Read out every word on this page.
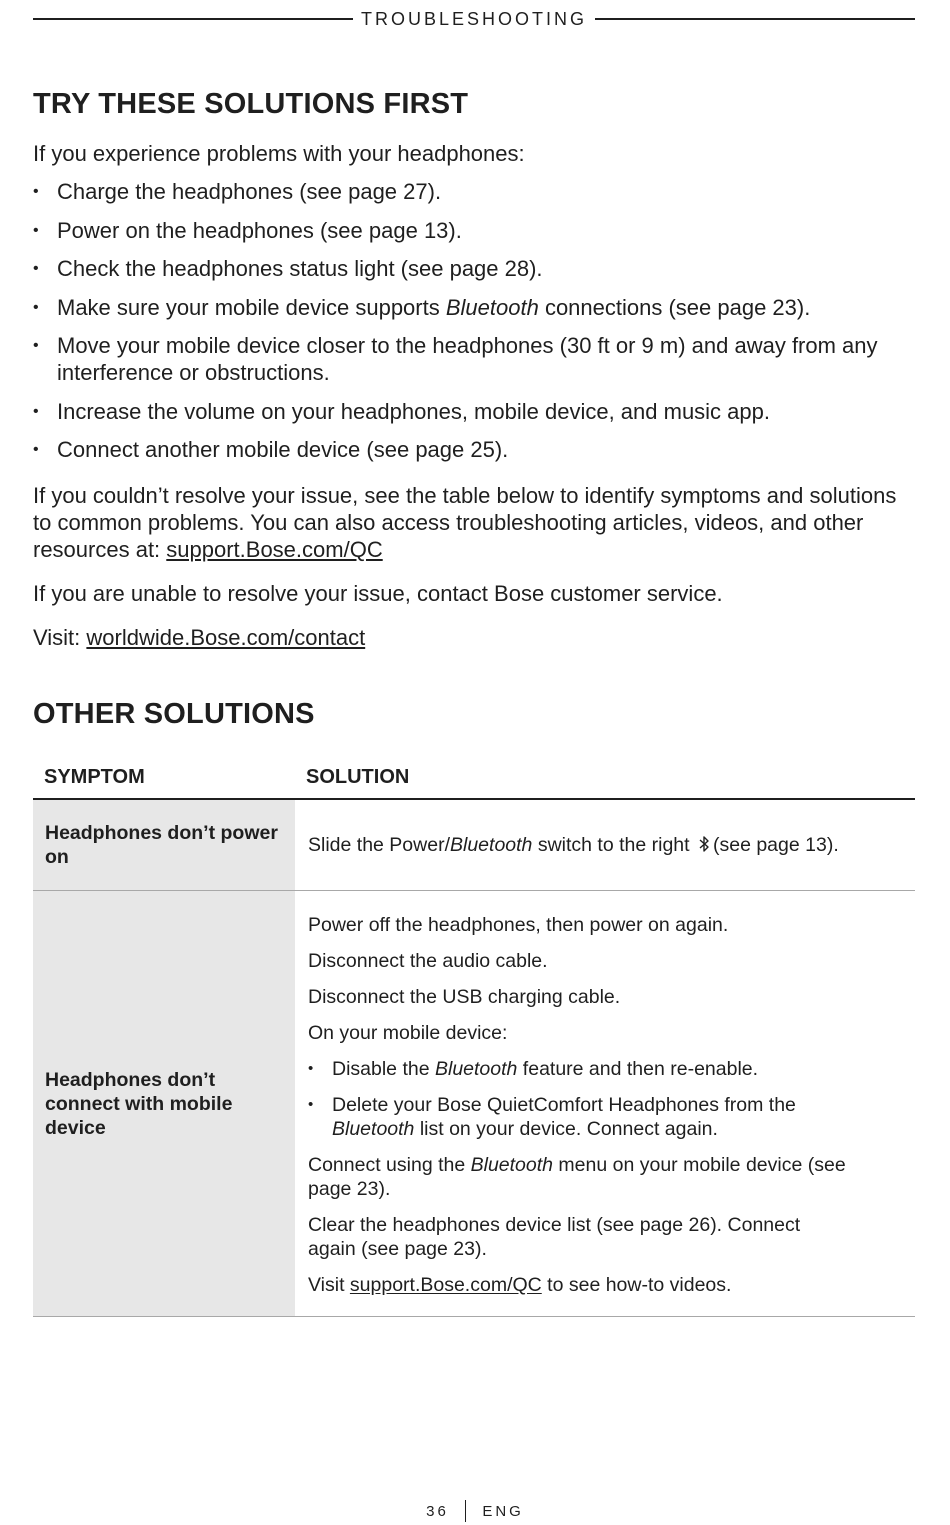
TROUBLESHOOTING
TRY THESE SOLUTIONS FIRST
If you experience problems with your headphones:
• Charge the headphones (see page 27).
• Power on the headphones (see page 13).
• Check the headphones status light (see page 28).
• Make sure your mobile device supports Bluetooth connections (see page 23).
• Move your mobile device closer to the headphones (30 ft or 9 m) and away from any interference or obstructions.
• Increase the volume on your headphones, mobile device, and music app.
• Connect another mobile device (see page 25).
If you couldn’t resolve your issue, see the table below to identify symptoms and solutions to common problems. You can also access troubleshooting articles, videos, and other resources at: support.Bose.com/QC
If you are unable to resolve your issue, contact Bose customer service.
Visit: worldwide.Bose.com/contact
OTHER SOLUTIONS
SYMPTOM	SOLUTION
Headphones don’t power on
Slide the Power/Bluetooth switch to the right (see page 13).
Headphones don’t connect with mobile device

Power off the headphones, then power on again.

Disconnect the audio cable.

Disconnect the USB charging cable.

On your mobile device:

• Disable the Bluetooth feature and then re-enable.
• Delete your Bose QuietComfort Headphones from the Bluetooth list on your device. Connect again.

Connect using the Bluetooth menu on your mobile device (see page 23).

Clear the headphones device list (see page 26). Connect again (see page 23).

Visit support.Bose.com/QC to see how-to videos.

36 ENG
